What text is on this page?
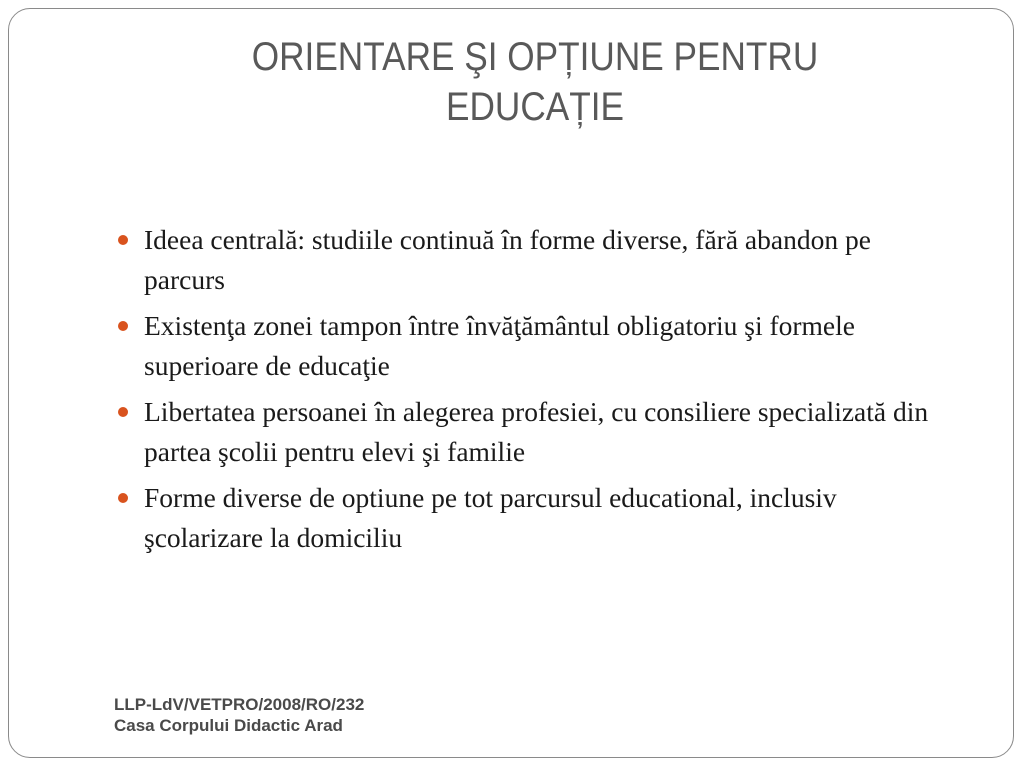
ORIENTARE ŞI OPȚIUNE PENTRU
EDUCAȚIE
Ideea centrală: studiile continuă în forme diverse, fără abandon pe parcurs
Existenţa zonei tampon între învăţământul obligatoriu şi formele superioare de educaţie
Libertatea persoanei în alegerea profesiei, cu consiliere specializată din partea şcolii pentru elevi şi familie
Forme diverse de optiune pe tot parcursul educational, inclusiv şcolarizare la domiciliu
LLP-LdV/VETPRO/2008/RO/232
Casa Corpului Didactic Arad
